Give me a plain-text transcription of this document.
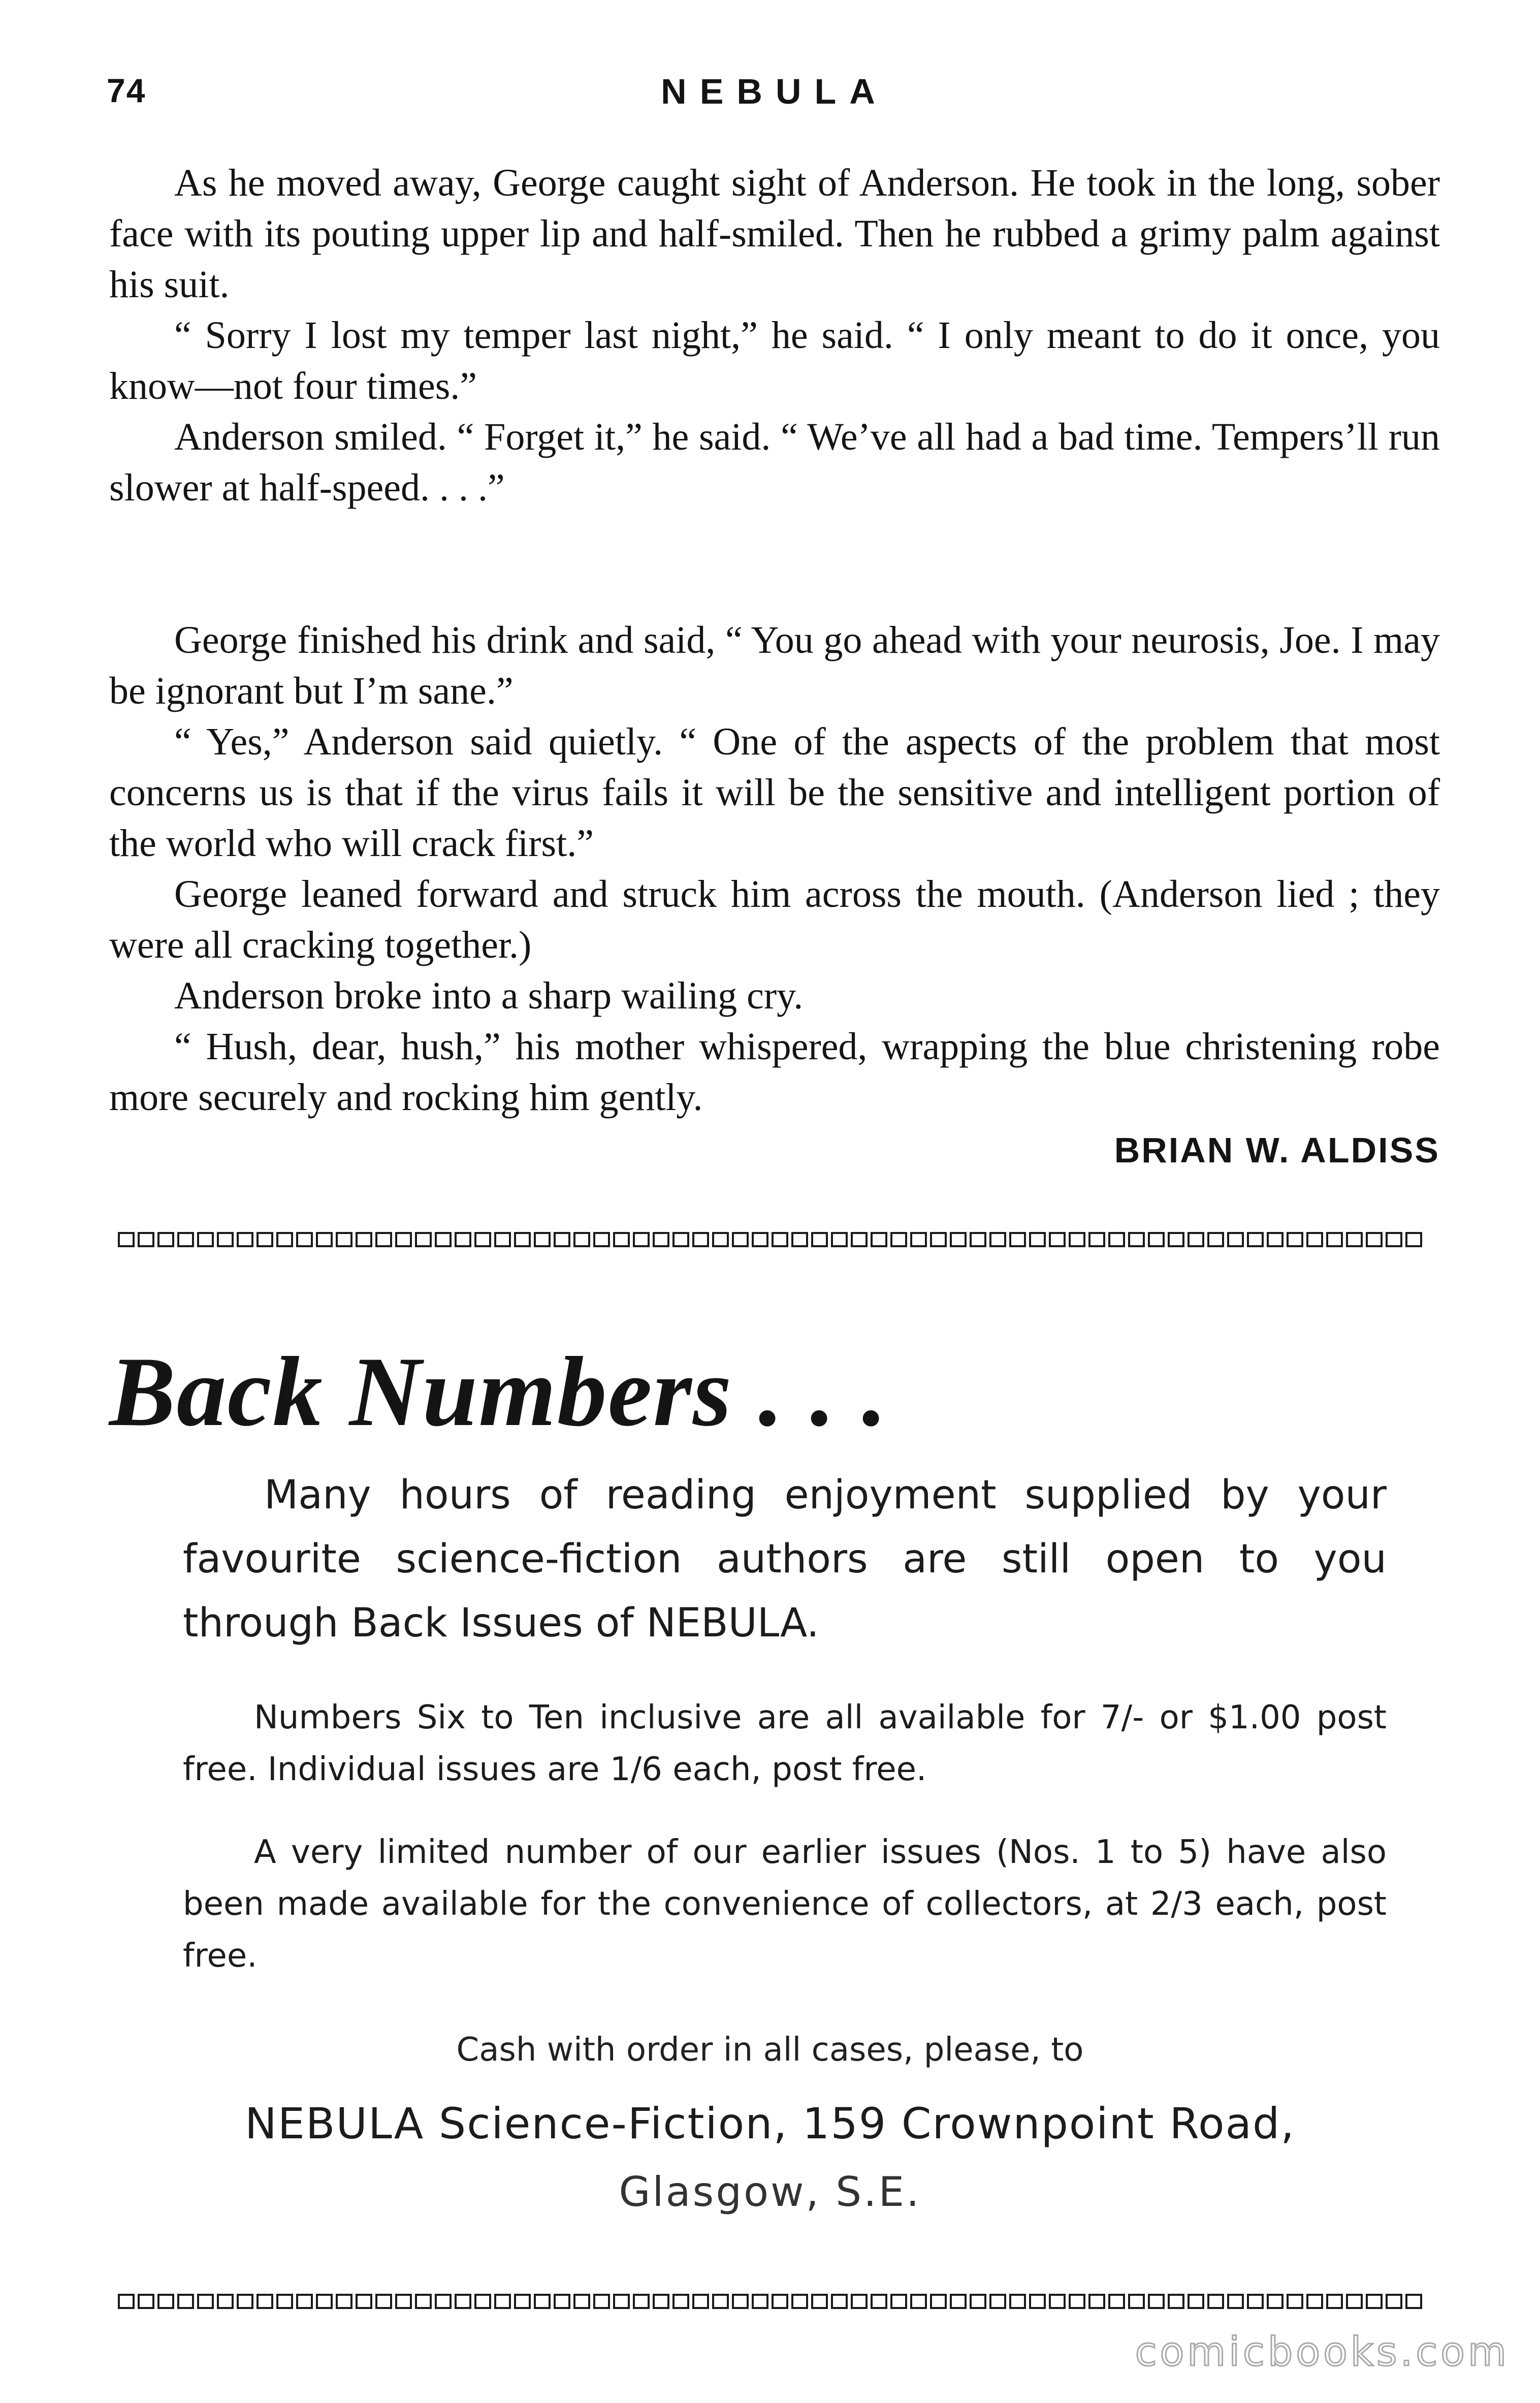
74	NEBULA

As he moved away, George caught sight of Anderson. He took in the long, sober face with its pouting upper lip and half-smiled. Then he rubbed a grimy palm against his suit.

“ Sorry I lost my temper last night,” he said. “ I only meant to do it once, you know—not four times.”

Anderson smiled. “ Forget it,” he said. “ We’ve all had a bad time. Tempers’ll run slower at half-speed. . . .”

George finished his drink and said, “ You go ahead with your neurosis, Joe. I may be ignorant but I’m sane.”

“ Yes,” Anderson said quietly. “ One of the aspects of the problem that most concerns us is that if the virus fails it will be the sensitive and intelligent portion of the world who will crack first.”

George leaned forward and struck him across the mouth. (Anderson lied ; they were all cracking together.)

Anderson broke into a sharp wailing cry.

“ Hush, dear, hush,” his mother whispered, wrapping the blue christening robe more securely and rocking him gently.

BRIAN W. ALDISS
Back Numbers . . .

Many hours of reading enjoyment supplied by your favourite science-fiction authors are still open to you through Back Issues of NEBULA.

Numbers Six to Ten inclusive are all available for 7/- or $1.00 post free. Individual issues are 1/6 each, post free.

A very limited number of our earlier issues (Nos. 1 to 5) have also been made available for the convenience of collectors, at 2/3 each, post free.

Cash with order in all cases, please, to
NEBULA Science-Fiction, 159 Crownpoint Road,
Glasgow, S.E.
comicbooks.com
